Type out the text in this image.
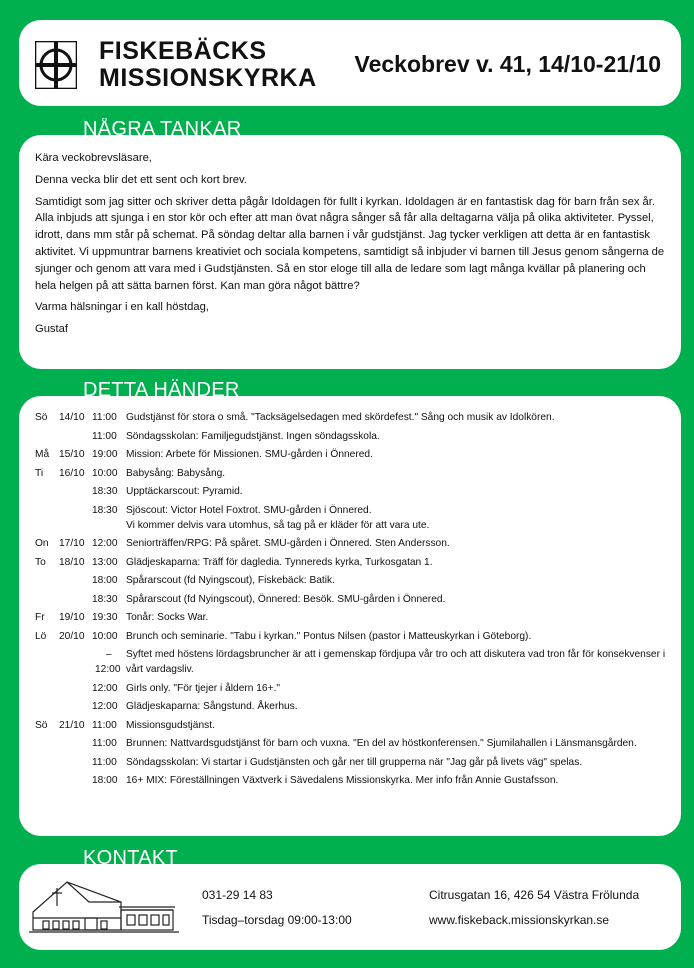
FISKEBÄCKS
MISSIONSKYRKA Veckobrev v. 41, 14/10-21/10
NÅGRA TANKAR

Kära veckobrevsläsare,

Denna vecka blir det ett sent och kort brev.

Samtidigt som jag sitter och skriver detta pågår Idoldagen för fullt i kyrkan. Idoldagen är en fantastisk dag för barn från sex år. Alla inbjuds att sjunga i en stor kör och efter att man övat några sånger så får alla deltagarna välja på olika aktiviteter. Pyssel, idrott, dans mm står på schemat. På söndag deltar alla barnen i vår gudstjänst. Jag tycker verkligen att detta är en fantastisk aktivitet. Vi uppmuntrar barnens kreativiet och sociala kompetens, samtidigt så inbjuder vi barnen till Jesus genom sångerna de sjunger och genom att vara med i Gudstjänsten. Så en stor eloge till alla de ledare som lagt många kvällar på planering och hela helgen på att sätta barnen först. Kan man göra något bättre?

Varma hälsningar i en kall höstdag,

Gustaf

DETTA HÄNDER
Sö 14/10 11:00 Gudstjänst för stora o små. "Tacksägelsedagen med skördefest." Sång och musik av Idolkören.
11:00 Söndagsskolan: Familjegudstjänst. Ingen söndagsskola.
Må 15/10 19:00 Mission: Arbete för Missionen. SMU-gården i Önnered.
Ti 16/10 10:00 Babysång: Babysång.
18:30 Upptäckarscout: Pyramid.
18:30 Sjöscout: Victor Hotel Foxtrot. SMU-gården i Önnered.
Vi kommer delvis vara utomhus, så tag på er kläder för att vara ute.
On 17/10 12:00 Seniorträffen/RPG: På spåret. SMU-gården i Önnered. Sten Andersson.
To 18/10 13:00 Glädjeskaparna: Träff för dagledia. Tynnereds kyrka, Turkosgatan 1.
18:00 Spårarscout (fd Nyingscout), Fiskebäck: Batik.
18:30 Spårarscout (fd Nyingscout), Önnered: Besök. SMU-gården i Önnered.
Fr 19/10 19:30 Tonår: Socks War.
Lö 20/10 10:00 Brunch och seminarie. "Tabu i kyrkan." Pontus Nilsen (pastor i Matteuskyrkan i Göteborg).
–
12:00
Syftet med höstens lördagsbruncher är att i gemenskap fördjupa vår tro och att diskutera vad tron får för konsekvenser i vårt vardagsliv.
12:00 Girls only. "För tjejer i åldern 16+."
12:00 Glädjeskaparna: Sångstund. Åkerhus.
Sö 21/10 11:00 Missionsgudstjänst.
11:00 Brunnen: Nattvardsgudstjänst för barn och vuxna. "En del av höstkonferensen." Sjumilahallen i Länsmansgården.
11:00 Söndagsskolan: Vi startar i Gudstjänsten och går ner till grupperna när "Jag går på livets väg" spelas.
18:00 16+ MIX: Föreställningen Växtverk i Sävedalens Missionskyrka. Mer info från Annie Gustafsson.
KONTAKT
031-29 14 83
Tisdag–torsdag 09:00-13:00
Citrusgatan 16, 426 54 Västra Frölunda
www.fiskeback.missionskyrkan.se
